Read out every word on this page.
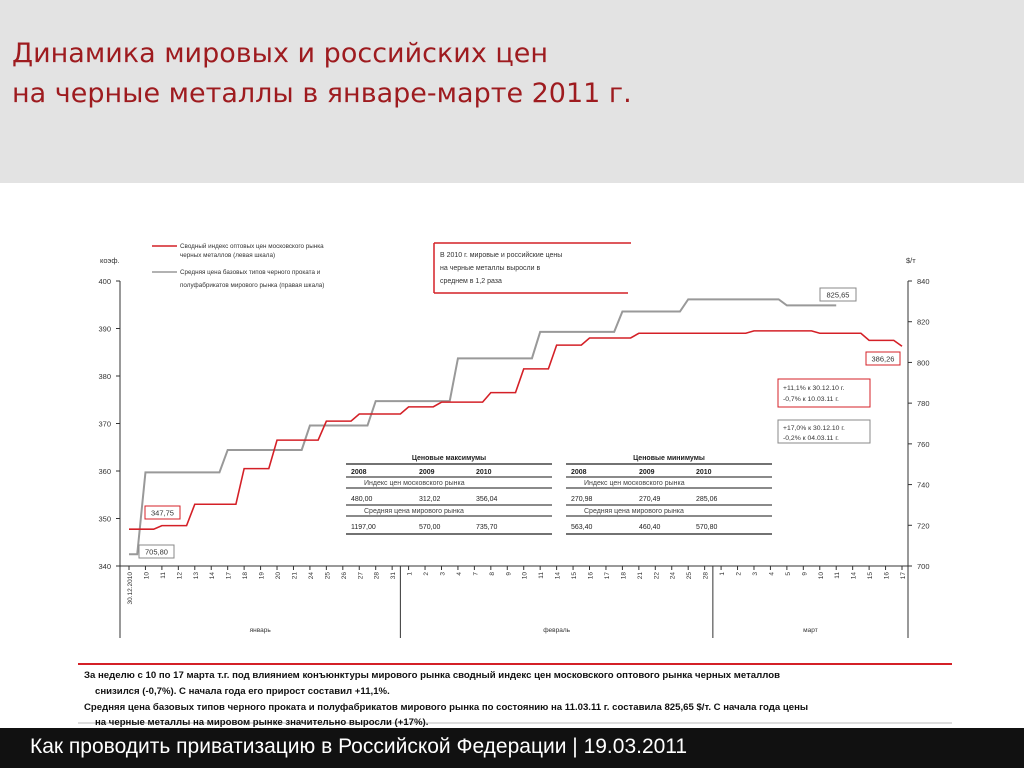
Динамика мировых и российских цен
на черные металлы в январе-марте 2011 г.
коэф.	$/т
340
350
360
370
380
390
400
700
720
740
760
780
800
820
840
30.12.2010 10 11 12 13 14 17 18 19 20 21 24 25 26 27 28 31 1 2 3 4 7 8 9 10 11 14 15 16 17 18 21 22 24 25 28 1 2 3 4 5 9 10 11 14 15 16 17
январь	февраль	март
Сводный индекс оптовых цен московского рынка
черных металлов (левая шкала)
Средняя цена базовых типов черного проката и
полуфабрикатов мирового рынка (правая шкала)
В 2010 г. мировые и российские цены
на черные металлы выросли в
среднем в 1,2 раза
347,75
705,80
825,65
386,26
+11,1% к 30.12.10 г.
-0,7% к 10.03.11 г.
+17,0% к 30.12.10 г.
-0,2% к 04.03.11 г.
Ценовые максимумы
2008	2009	2010
Индекс цен московского рынка
480,00	312,02	356,04
Средняя цена мирового рынка
1197,00	570,00	735,70
Ценовые минимумы
2008	2009	2010
Индекс цен московского рынка
270,98	270,49	285,06
Средняя цена мирового рынка
563,40	460,40	570,80
За неделю с 10 по 17 марта т.г. под влиянием конъюнктуры мирового рынка сводный индекс цен московского оптового рынка черных металлов
снизился (-0,7%). С начала года его прирост составил +11,1%.
Средняя цена базовых типов черного проката и полуфабрикатов мирового рынка по состоянию на 11.03.11 г. составила 825,65 $/т. С начала года цены
на черные металлы на мировом рынке значительно выросли (+17%).
Как проводить приватизацию в Российской Федерации | 19.03.2011
